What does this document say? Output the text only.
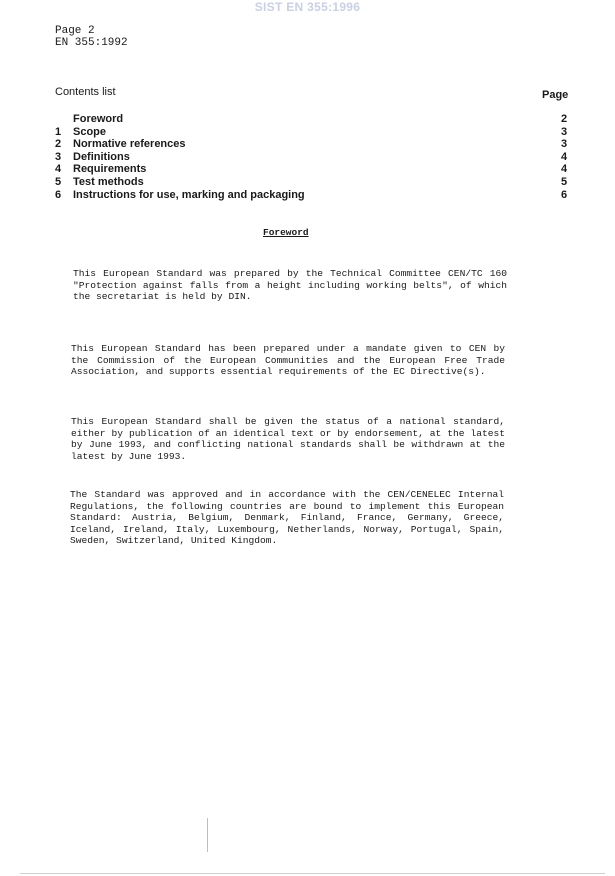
SIST EN 355:1996
Page 2
EN 355:1992
Contents list	Page
Foreword	2
1 Scope	3
2 Normative references	3
3 Definitions	4
4 Requirements	4
5 Test methods	5
6 Instructions for use, marking and packaging	6
Foreword
This European Standard was prepared by the Technical Committee CEN/TC 160 "Protection against falls from a height including working belts", of which the secretariat is held by DIN.
This European Standard has been prepared under a mandate given to CEN by the Commission of the European Communities and the European Free Trade Association, and supports essential requirements of the EC Directive(s).
This European Standard shall be given the status of a national standard, either by publication of an identical text or by endorsement, at the latest by June 1993, and conflicting national standards shall be withdrawn at the latest by June 1993.
The Standard was approved and in accordance with the CEN/CENELEC Internal Regulations, the following countries are bound to implement this European Standard: Austria, Belgium, Denmark, Finland, France, Germany, Greece, Iceland, Ireland, Italy, Luxembourg, Netherlands, Norway, Portugal, Spain, Sweden, Switzerland, United Kingdom.
